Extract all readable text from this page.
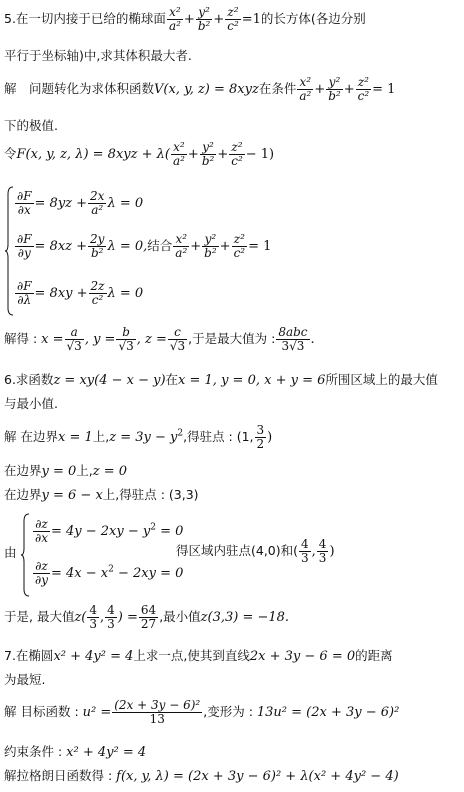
5.在一切内接于已给的椭球面 $\frac{\text{x²}}{\text{a²}} + \frac{\text{y²}}{\text{b²}} + \frac{\text{z²}}{\text{c²}} =1$的长方体(各边分别
平行于坐标轴)中,求其体积最大者.
解　问题转化为求体积函数V(x, y, z) = 8xyz在条件 $\frac{\text{x²}}{\text{a²}} + \frac{\text{y²}}{\text{b²}} + \frac{\text{z²}}{\text{c²}} = 1$
下的极值.
令F(x, y, z, $\lambda) = 8xyz + \lambda( \frac{\text{x²}}{\text{a²}} + \frac{\text{y²}}{\text{b²}} + \frac{\text{z²}}{\text{c²}} - 1)$
$\frac{\partial F}{\partial x} = 8yz + \frac{2x}{\text{a²}}$ λ = 0
$\frac{\partial F}{\partial y} = 8xz + \frac{2y}{\text{b²}}$ λ = 0,结合 $\frac{\text{x²}}{\text{a²}} + \frac{\text{y²}}{\text{b²}} + \frac{\text{z²}}{\text{c²}} = 1$
$\frac{\partial F}{\partial\lambda} = 8xy + \frac{2z}{\text{c²}}$ λ = 0
解得 : $x = \frac{a}{√3}$ , $y = \frac{b}{√3}$ , $z = \frac{c}{√3}$ ,于是最大值为 : $\frac{\text{8abc}}{3√3}$ .
6.求函数z = xy(4 − x − y)在x = 1, y = 0, x + y = 6所围区域上的最大值
与最小值.
解 在边界x = 1上$,z = 3y - y^2$,得驻点 : (1, $\frac{3}{2}$ )
在边界y = 0上,z = 0
在边界y = 6 − x上,得驻点 : (3,3)
由
$\frac{\partial z}{\partial x} = 4y - 2xy - y^2 = 0$
$\frac{\partial z}{\partial y} = 4x - x^2 - 2xy = 0$
得区域内驻点(4,0)和( $\frac{4}{3}$ , $\frac{4}{3}$ )
于是, 最大值$z( \frac{4}{3}$ , $\frac{4}{3}$ ) = $\frac{64}{27}$ ,最小值z(3,3) = −18.
7.在椭圆x² + 4y² = 4上求一点,使其到直线2x + 3y − 6 = 0的距离
为最短.
解 目标函数 : $u^2 = \frac{\text{(2x + 3y − 6)²}}{13}$ ,变形为 : 13u² = (2x + 3y − 6)²
约束条件 : x² + 4y² = 4
解拉格朗日函数得 : f(x, y, λ) = (2x + 3y − 6)² + λ(x² + 4y² − 4)
